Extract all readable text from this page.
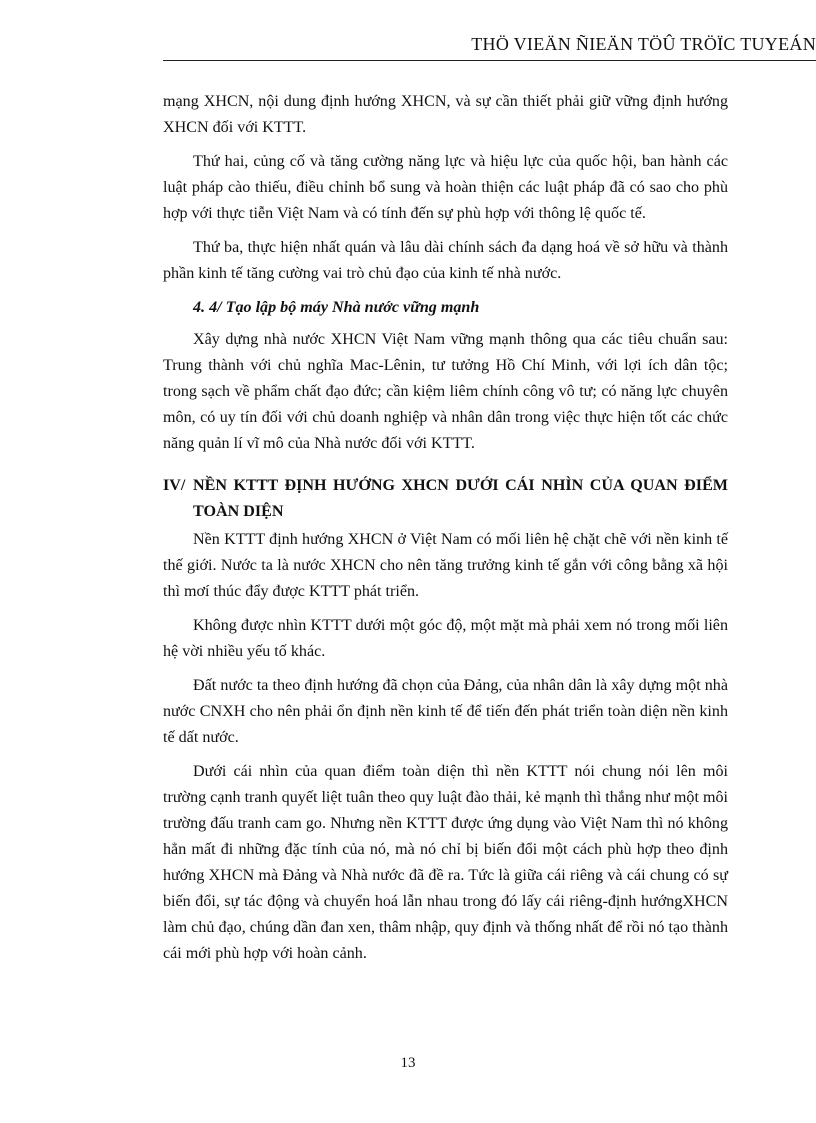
THÖ VIEÄN ÑIEÄN TÖÛ TRÖÏC TUYEÁN

mạng XHCN, nội dung định hướng XHCN, và sự cần thiết phải giữ vững định hướng XHCN đối với KTTT.

Thứ hai, củng cố và tăng cường năng lực và hiệu lực của quốc hội, ban hành các luật pháp cào thiếu, điều chỉnh bổ sung và hoàn thiện các luật pháp đã có sao cho phù hợp với thực tiễn Việt Nam và có tính đến sự phù hợp với thông lệ quốc tế.

Thứ ba, thực hiện nhất quán và lâu dài chính sách đa dạng hoá về sở hữu và thành phần kinh tế tăng cường vai trò chủ đạo của kinh tế nhà nước.

4. 4/ Tạo lập bộ máy Nhà nước vững mạnh

Xây dựng nhà nước XHCN Việt Nam vững mạnh thông qua các tiêu chuẩn sau: Trung thành với chủ nghĩa Mac-Lênin, tư tưởng Hồ Chí Minh, với lợi ích dân tộc; trong sạch về phẩm chất đạo đức; cần kiệm liêm chính công vô tư; có năng lực chuyên môn, có uy tín đối với chủ doanh nghiệp và nhân dân trong việc thực hiện tốt các chức năng quản lí vĩ mô của Nhà nước đối với KTTT.

IV/ NỀN KTTT ĐỊNH HƯỚNG XHCN DƯỚI CÁI NHÌN CỦA QUAN ĐIỂM TOÀN DIỆN

Nền KTTT định hướng XHCN ở Việt Nam có mối liên hệ chặt chẽ với nền kinh tế thế giới. Nước ta là nước XHCN cho nên tăng trưởng kinh tế gắn với công bằng xã hội thì mơí thúc đẩy được KTTT phát triển.

Không được nhìn KTTT dưới một góc độ, một mặt mà phải xem nó trong mối liên hệ vời nhiều yếu tố khác.

Đất nước ta theo định hướng đã chọn của Đảng, của nhân dân là xây dựng một nhà nước CNXH cho nên phải ổn định nền kinh tế để tiến đến phát triển toàn diện nền kinh tế dất nước.

Dưới cái nhìn của quan điểm toàn diện thì nền KTTT nói chung nói lên môi trường cạnh tranh quyết liệt tuân theo quy luật đào thải, kẻ mạnh thì thắng như một môi trường đấu tranh cam go. Nhưng nền KTTT được ứng dụng vào Việt Nam thì nó không hẳn mất đi những đặc tính của nó, mà nó chỉ bị biến đổi một cách phù hợp theo định hướng XHCN mà Đảng và Nhà nước đã đề ra. Tức là giữa cái riêng và cái chung có sự biến đổi, sự tác động và chuyển hoá lẫn nhau trong đó lấy cái riêng-định hướngXHCN làm chủ đạo, chúng dần đan xen, thâm nhập, quy định và thống nhất để rồi nó tạo thành cái mới phù hợp với hoàn cảnh.

13
